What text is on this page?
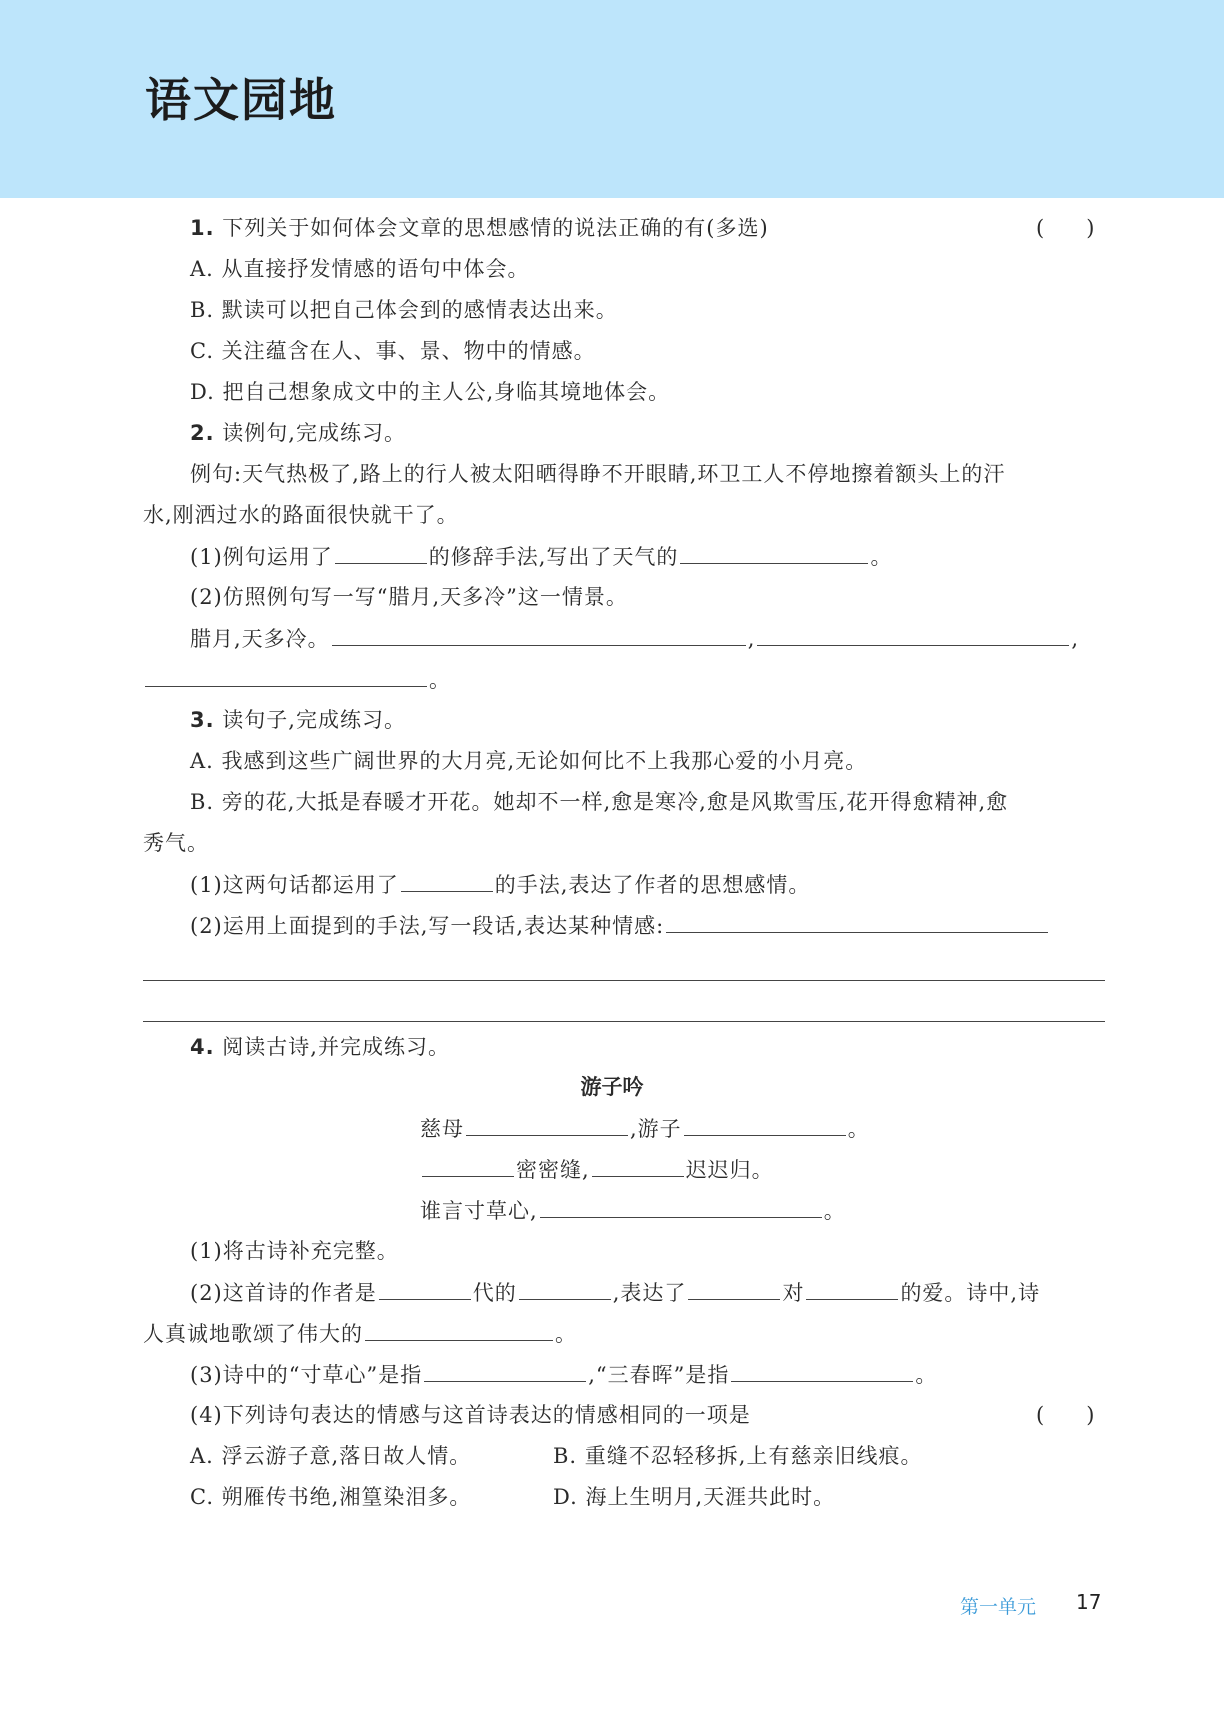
语文园地
1. 下列关于如何体会文章的思想感情的说法正确的有(多选)	(　　)
A. 从直接抒发情感的语句中体会。
B. 默读可以把自己体会到的感情表达出来。
C. 关注蕴含在人、事、景、物中的情感。
D. 把自己想象成文中的主人公,身临其境地体会。
2. 读例句,完成练习。
例句:天气热极了,路上的行人被太阳晒得睁不开眼睛,环卫工人不停地擦着额头上的汗
水,刚洒过水的路面很快就干了。
(1)例句运用了	的修辞手法,写出了天气的	。
(2)仿照例句写一写“腊月,天多冷”这一情景。
腊月,天多冷。	,	,
。
3. 读句子,完成练习。
A. 我感到这些广阔世界的大月亮,无论如何比不上我那心爱的小月亮。
B. 旁的花,大抵是春暖才开花。她却不一样,愈是寒冷,愈是风欺雪压,花开得愈精神,愈
秀气。
(1)这两句话都运用了	的手法,表达了作者的思想感情。
(2)运用上面提到的手法,写一段话,表达某种情感:
4. 阅读古诗,并完成练习。
游子吟
慈母	,游子	。
密密缝,	迟迟归。
谁言寸草心,	。
(1)将古诗补充完整。
(2)这首诗的作者是	代的	,表达了	对	的爱。诗中,诗
人真诚地歌颂了伟大的	。
(3)诗中的“寸草心”是指	,“三春晖”是指	。
(4)下列诗句表达的情感与这首诗表达的情感相同的一项是	(　　)
A. 浮云游子意,落日故人情。	B. 重缝不忍轻移拆,上有慈亲旧线痕。
C. 朔雁传书绝,湘篁染泪多。	D. 海上生明月,天涯共此时。
第一单元 17
